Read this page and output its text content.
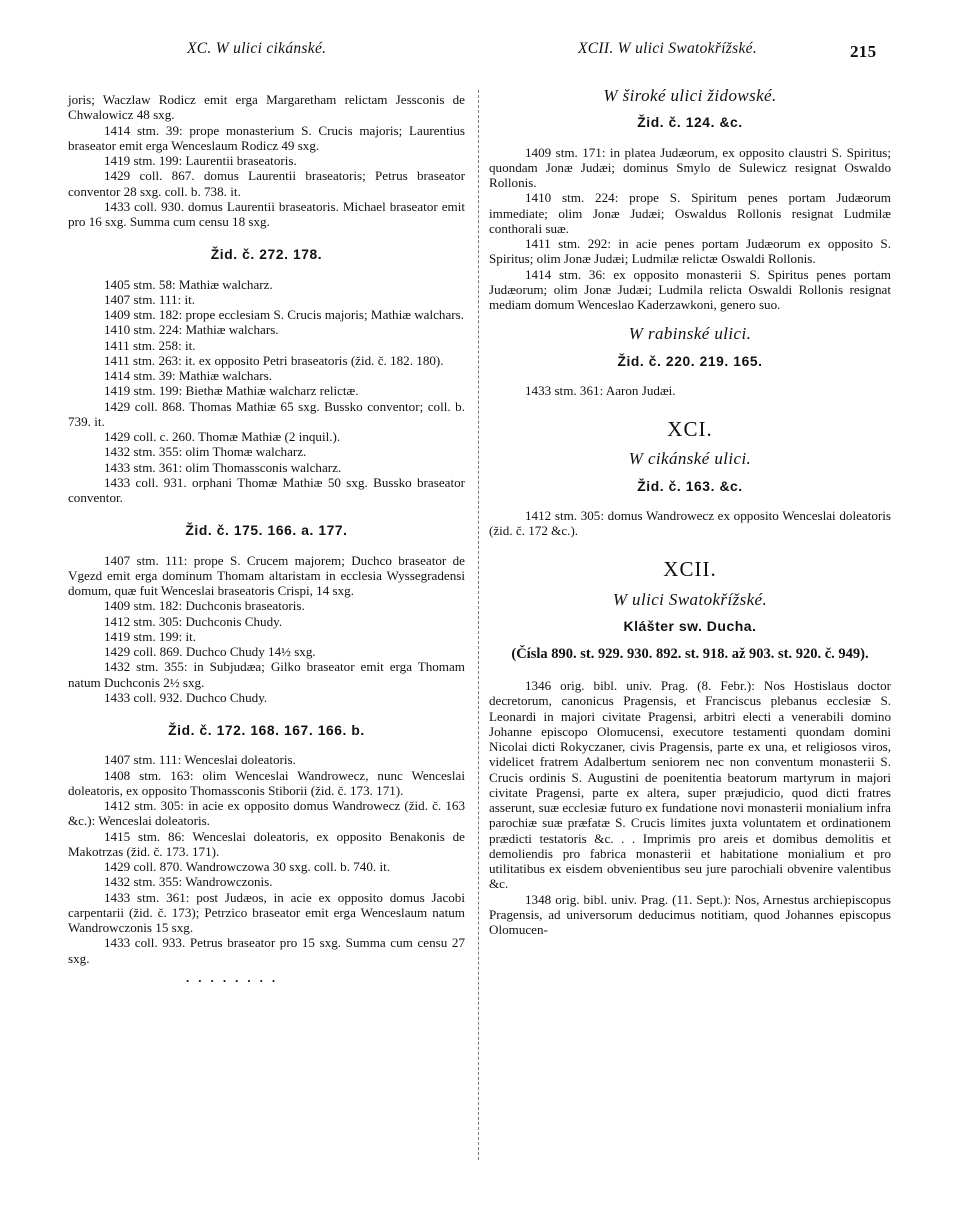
XC. W ulici cikánské.	XCII. W ulici Swatokřížské.	215

joris; Waczlaw Rodicz emit erga Margaretham relictam Jessconis de Chwalowicz 48 sxg.

1414 stm. 39: prope monasterium S. Crucis majoris; Laurentius braseator emit erga Wenceslaum Rodicz 49 sxg.

1419 stm. 199: Laurentii braseatoris.

1429 coll. 867. domus Laurentii braseatoris; Petrus braseator conventor 28 sxg. coll. b. 738. it.

1433 coll. 930. domus Laurentii braseatoris. Michael braseator emit pro 16 sxg. Summa cum censu 18 sxg.

Žid. č. 272. 178.

1405 stm. 58: Mathiæ walcharz.

1407 stm. 111: it.

1409 stm. 182: prope ecclesiam S. Crucis majoris; Mathiæ walchars.

1410 stm. 224: Mathiæ walchars.

1411 stm. 258: it.

1411 stm. 263: it. ex opposito Petri braseatoris (žid. č. 182. 180).

1414 stm. 39: Mathiæ walchars.

1419 stm. 199: Biethæ Mathiæ walcharz relictæ.

1429 coll. 868. Thomas Mathiæ 65 sxg. Bussko conventor; coll. b. 739. it.

1429 coll. c. 260. Thomæ Mathiæ (2 inquil.).

1432 stm. 355: olim Thomæ walcharz.

1433 stm. 361: olim Thomassconis walcharz.

1433 coll. 931. orphani Thomæ Mathiæ 50 sxg. Bussko braseator conventor.

Žid. č. 175. 166. a. 177.

1407 stm. 111: prope S. Crucem majorem; Duchco braseator de Vgezd emit erga dominum Thomam altaristam in ecclesia Wyssegradensi domum, quæ fuit Wenceslai braseatoris Crispi, 14 sxg.

1409 stm. 182: Duchconis braseatoris.

1412 stm. 305: Duchconis Chudy.

1419 stm. 199: it.

1429 coll. 869. Duchco Chudy 14½ sxg.

1432 stm. 355: in Subjudæa; Gilko braseator emit erga Thomam natum Duchconis 2½ sxg.

1433 coll. 932. Duchco Chudy.

Žid. č. 172. 168. 167. 166. b.

1407 stm. 111: Wenceslai doleatoris.

1408 stm. 163: olim Wenceslai Wandrowecz, nunc Wenceslai doleatoris, ex opposito Thomassconis Stiborii (žid. č. 173. 171).

1412 stm. 305: in acie ex opposito domus Wandrowecz (žid. č. 163 &c.): Wenceslai doleatoris.

1415 stm. 86: Wenceslai doleatoris, ex opposito Benakonis de Makotrzas (žid. č. 173. 171).

1429 coll. 870. Wandrowczowa 30 sxg. coll. b. 740. it.

1432 stm. 355: Wandrowczonis.

1433 stm. 361: post Judæos, in acie ex opposito domus Jacobi carpentarii (žid. č. 173); Petrzico braseator emit erga Wenceslaum natum Wandrowczonis 15 sxg.

1433 coll. 933. Petrus braseator pro 15 sxg. Summa cum censu 27 sxg.

........
W široké ulici židowské.
Žid. č. 124. &c.

1409 stm. 171: in platea Judæorum, ex opposito claustri S. Spiritus; quondam Jonæ Judæi; dominus Smylo de Sulewicz resignat Oswaldo Rollonis.

1410 stm. 224: prope S. Spiritum penes portam Judæorum immediate; olim Jonæ Judæi; Oswaldus Rollonis resignat Ludmilæ conthorali suæ.

1411 stm. 292: in acie penes portam Judæorum ex opposito S. Spiritus; olim Jonæ Judæi; Ludmilæ relictæ Oswaldi Rollonis.

1414 stm. 36: ex opposito monasterii S. Spiritus penes portam Judæorum; olim Jonæ Judæi; Ludmila relicta Oswaldi Rollonis resignat mediam domum Wenceslao Kaderzawkoni, genero suo.

W rabinské ulici.
Žid. č. 220. 219. 165.

1433 stm. 361: Aaron Judæi.

XCI.
W cikánské ulici.
Žid. č. 163. &c.

1412 stm. 305: domus Wandrowecz ex opposito Wenceslai doleatoris (žid. č. 172 &c.).

XCII.
W ulici Swatokřížské.
Klášter sw. Ducha.
(Čísla 890. st. 929. 930. 892. st. 918. až 903. st. 920. č. 949).

1346 orig. bibl. univ. Prag. (8. Febr.): Nos Hostislaus doctor decretorum, canonicus Pragensis, et Franciscus plebanus ecclesiæ S. Leonardi in majori civitate Pragensi, arbitri electi a venerabili domino Johanne episcopo Olomucensi, executore testamenti quondam domini Nicolai dicti Rokyczaner, civis Pragensis, parte ex una, et religiosos viros, videlicet fratrem Adalbertum seniorem nec non conventum monasterii S. Crucis ordinis S. Augustini de poenitentia beatorum martyrum in majori civitate Pragensi, parte ex altera, super præjudicio, quod dicti fratres asserunt, suæ ecclesiæ futuro ex fundatione novi monasterii monialium infra parochiæ suæ præfatæ S. Crucis limites juxta voluntatem et ordinationem prædicti testatoris &c. . . Imprimis pro areis et domibus demolitis et demoliendis pro fabrica monasterii et habitatione monialium et pro utilitatibus ex eisdem obvenientibus seu jure parochiali obvenire valentibus &c.

1348 orig. bibl. univ. Prag. (11. Sept.): Nos, Arnestus archiepiscopus Pragensis, ad universorum deducimus notitiam, quod Johannes episcopus Olomucen-
